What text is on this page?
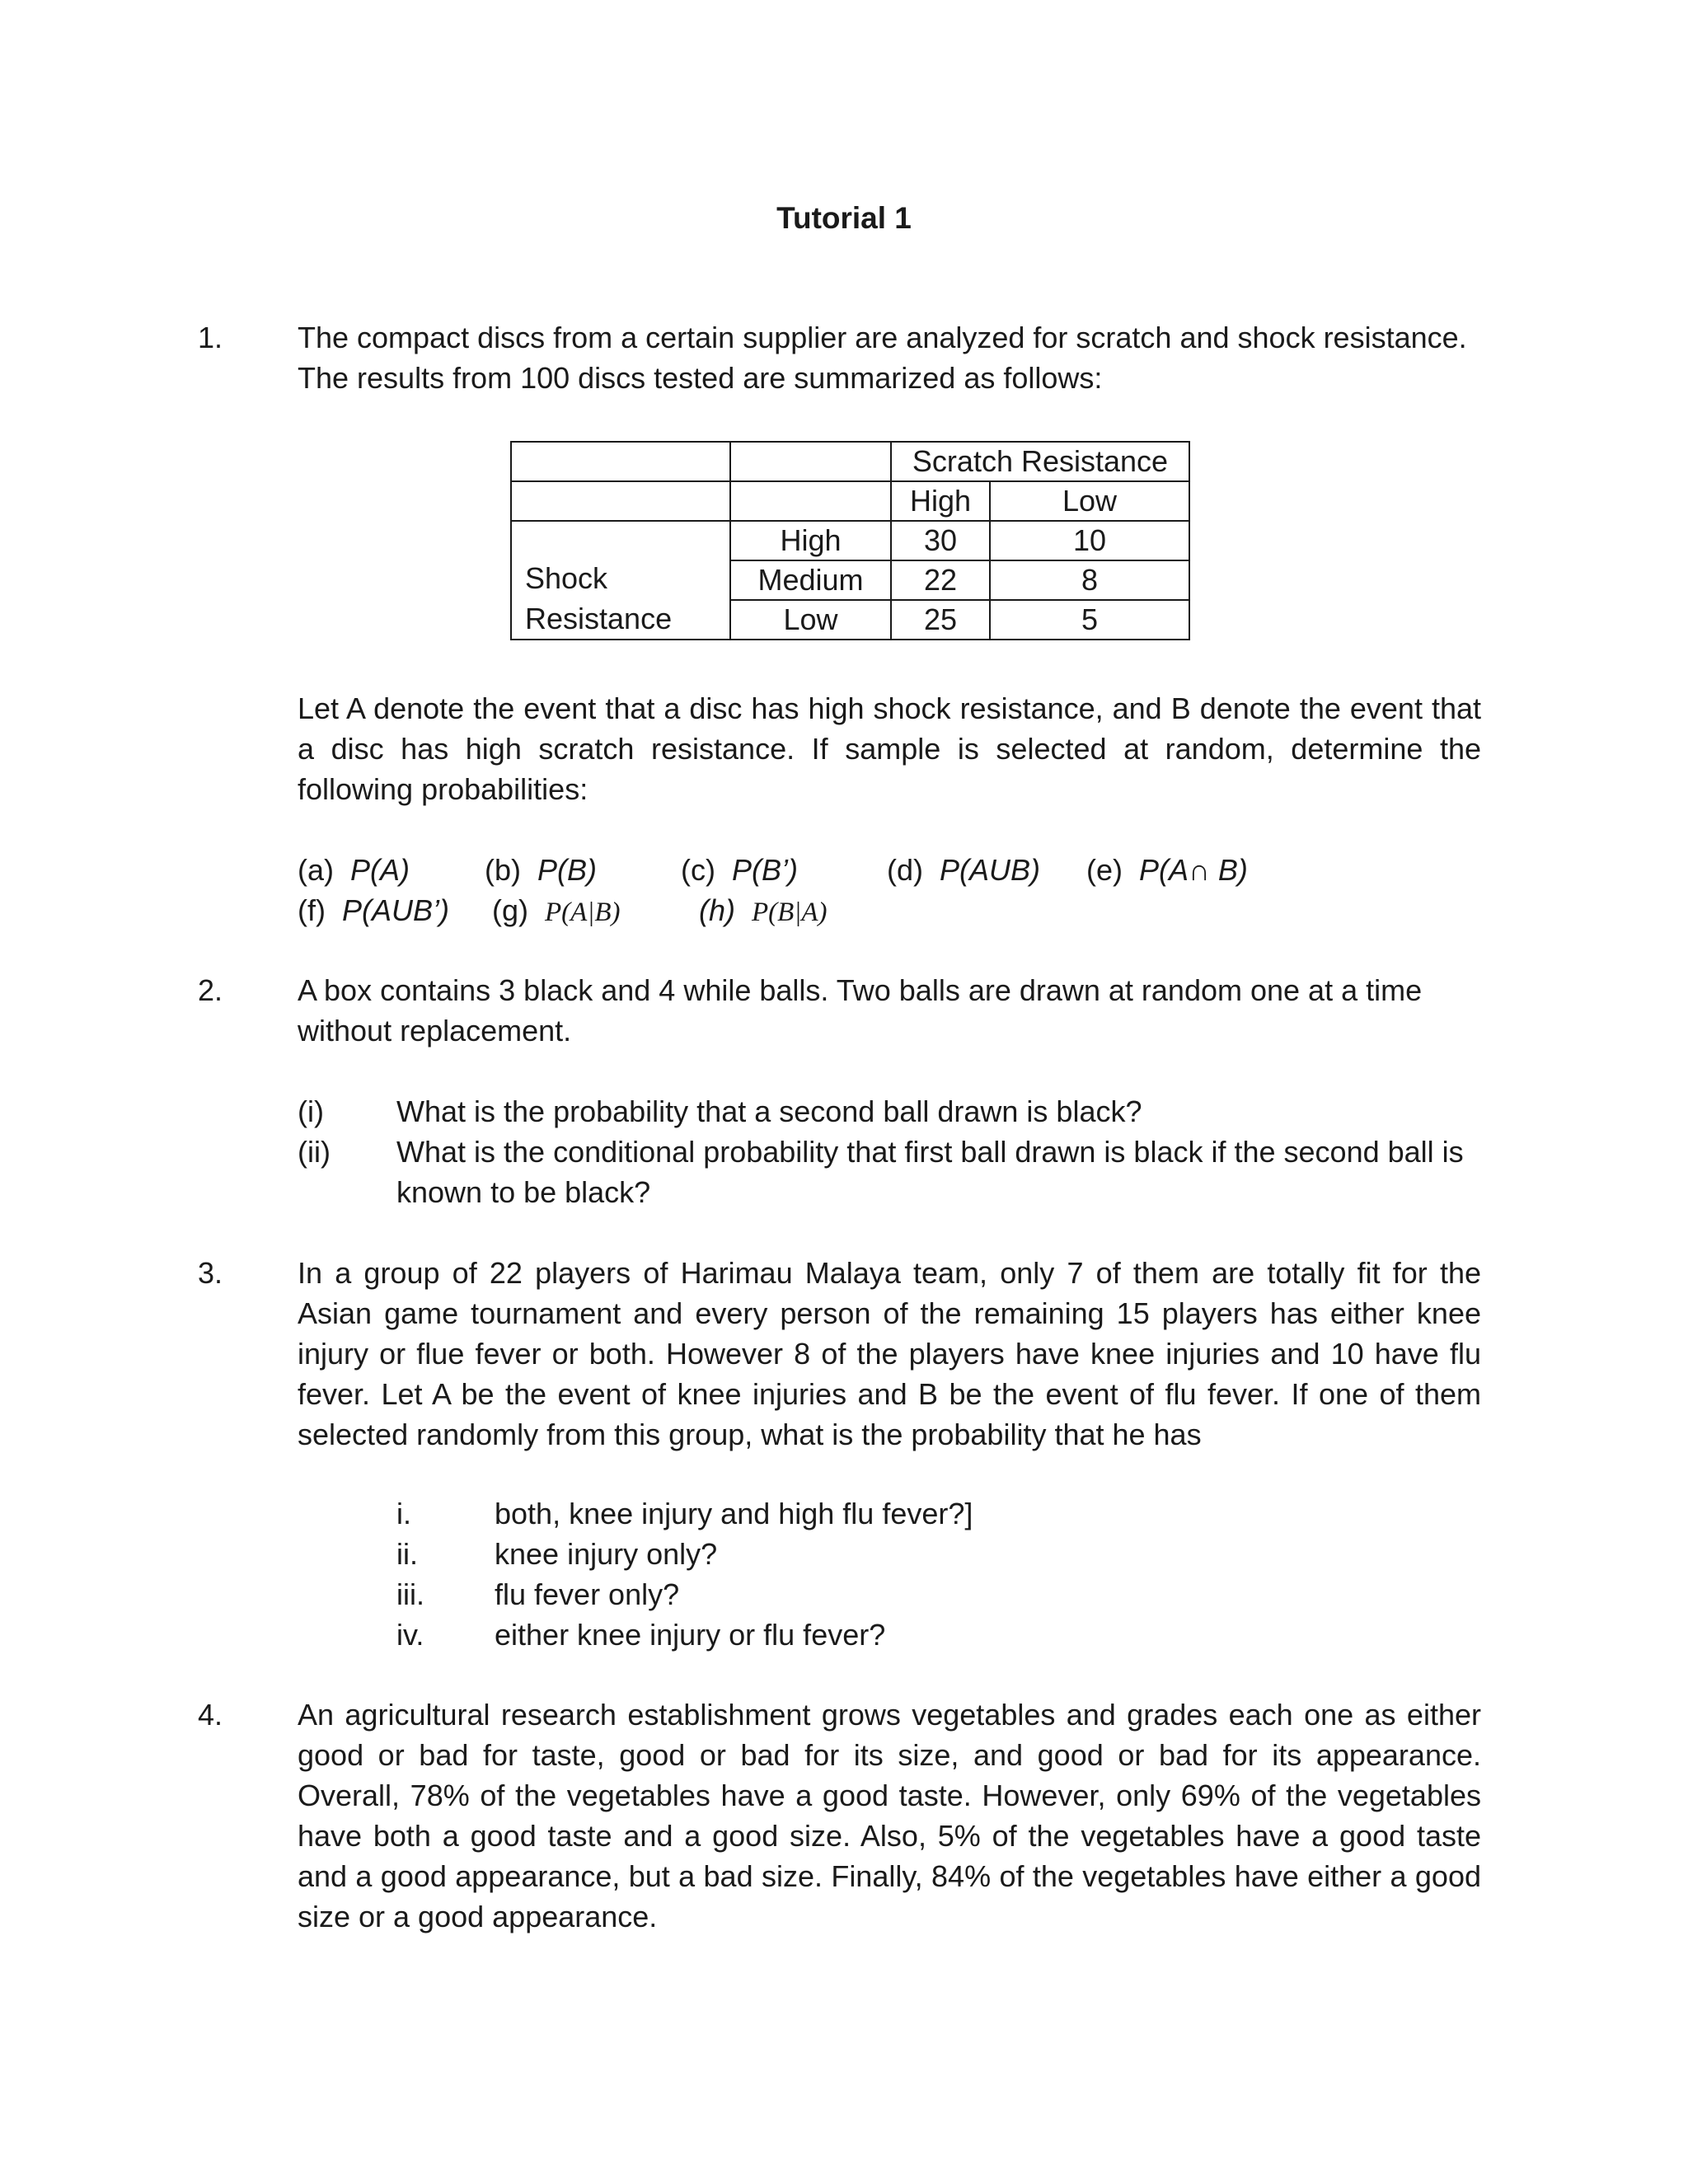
Tutorial 1
1.	The compact discs from a certain supplier are analyzed for scratch and shock resistance.
The results from 100 discs tested are summarized as follows:
		Scratch Resistance	
		High	Low

Shock
Resistance	High	30	10
	Medium	22	8
	Low	25	5

Let A denote the event that a disc has high shock resistance, and B denote the event that a disc has high scratch resistance. If sample is selected at random, determine the following probabilities:

(a) P(A)	(b) P(B)	(c) P(B’)	(d) P(AUB) (e) P(A∩ B)
(f) P(AUB’) (g) P(A|B)	(h) P(B|A)
2.	A box contains 3 black and 4 while balls. Two balls are drawn at random one at a time
without replacement.
(i) What is the probability that a second ball drawn is black?
(ii) What is the conditional probability that first ball drawn is black if the second ball is known to be black?
3.	In a group of 22 players of Harimau Malaya team, only 7 of them are totally fit for the Asian game tournament and every person of the remaining 15 players has either knee injury or flue fever or both. However 8 of the players have knee injuries and 10 have flu fever. Let A be the event of knee injuries and B be the event of flu fever. If one of them selected randomly from this group, what is the probability that he has

i.	both, knee injury and high flu fever?]
ii.	knee injury only?
iii. flu fever only?
iv. either knee injury or flu fever?
4.	An agricultural research establishment grows vegetables and grades each one as either good or bad for taste, good or bad for its size, and good or bad for its appearance. Overall, 78% of the vegetables have a good taste. However, only 69% of the vegetables have both a good taste and a good size. Also, 5% of the vegetables have a good taste and a good appearance, but a bad size. Finally, 84% of the vegetables have either a good size or a good appearance.
